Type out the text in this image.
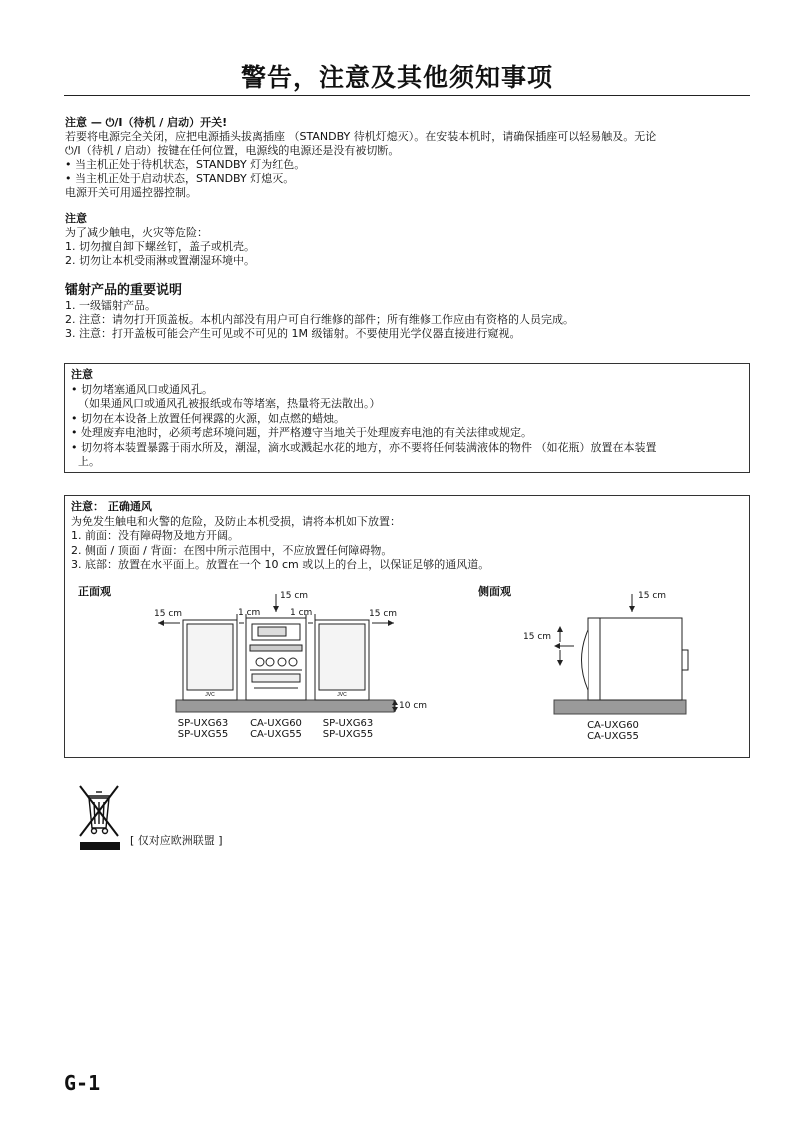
警告，注意及其他须知事项
注意 — ⏻/I（待机 / 启动）开关!
若要将电源完全关闭，应把电源插头拔离插座 （STANDBY 待机灯熄灭）。在安装本机时，请确保插座可以轻易触及。无论
⏻/I（待机 / 启动）按键在任何位置，电源线的电源还是没有被切断。
• 当主机正处于待机状态，STANDBY 灯为红色。
• 当主机正处于启动状态，STANDBY 灯熄灭。
电源开关可用遥控器控制。
注意
为了减少触电，火灾等危险：
1. 切勿擅自卸下螺丝钉，盖子或机壳。
2. 切勿让本机受雨淋或置潮湿环境中。
镭射产品的重要说明
1. 一级镭射产品。
2. 注意：请勿打开顶盖板。本机内部没有用户可自行维修的部件；所有维修工作应由有资格的人员完成。
3. 注意：打开盖板可能会产生可见或不可见的 1M 级镭射。不要使用光学仪器直接进行窥视。
注意
• 切勿堵塞通风口或通风孔。
（如果通风口或通风孔被报纸或布等堵塞，热量将无法散出。）
• 切勿在本设备上放置任何裸露的火源，如点燃的蜡烛。
• 处理废弃电池时，必须考虑环境问题，并严格遵守当地关于处理废弃电池的有关法律或规定。
• 切勿将本装置暴露于雨水所及，潮湿，滴水或溅起水花的地方，亦不要将任何装满液体的物件 （如花瓶）放置在本装置
上。
注意： 正确通风
为免发生触电和火警的危险，及防止本机受损，请将本机如下放置：
1. 前面：没有障碍物及地方开阔。
2. 侧面 / 顶面 / 背面：在图中所示范围中，不应放置任何障碍物。
3. 底部：放置在水平面上。放置在一个 10 cm 或以上的台上，以保证足够的通风道。
正面观	侧面观
JVC	JVC
15 cm
15 cm	1 cm	1 cm	15 cm
10 cm
SP-UXG63
SP-UXG55
CA-UXG60
CA-UXG55
SP-UXG63
SP-UXG55
15 cm
15 cm
CA-UXG60
CA-UXG55
[ 仅对应欧洲联盟 ]
G-1
